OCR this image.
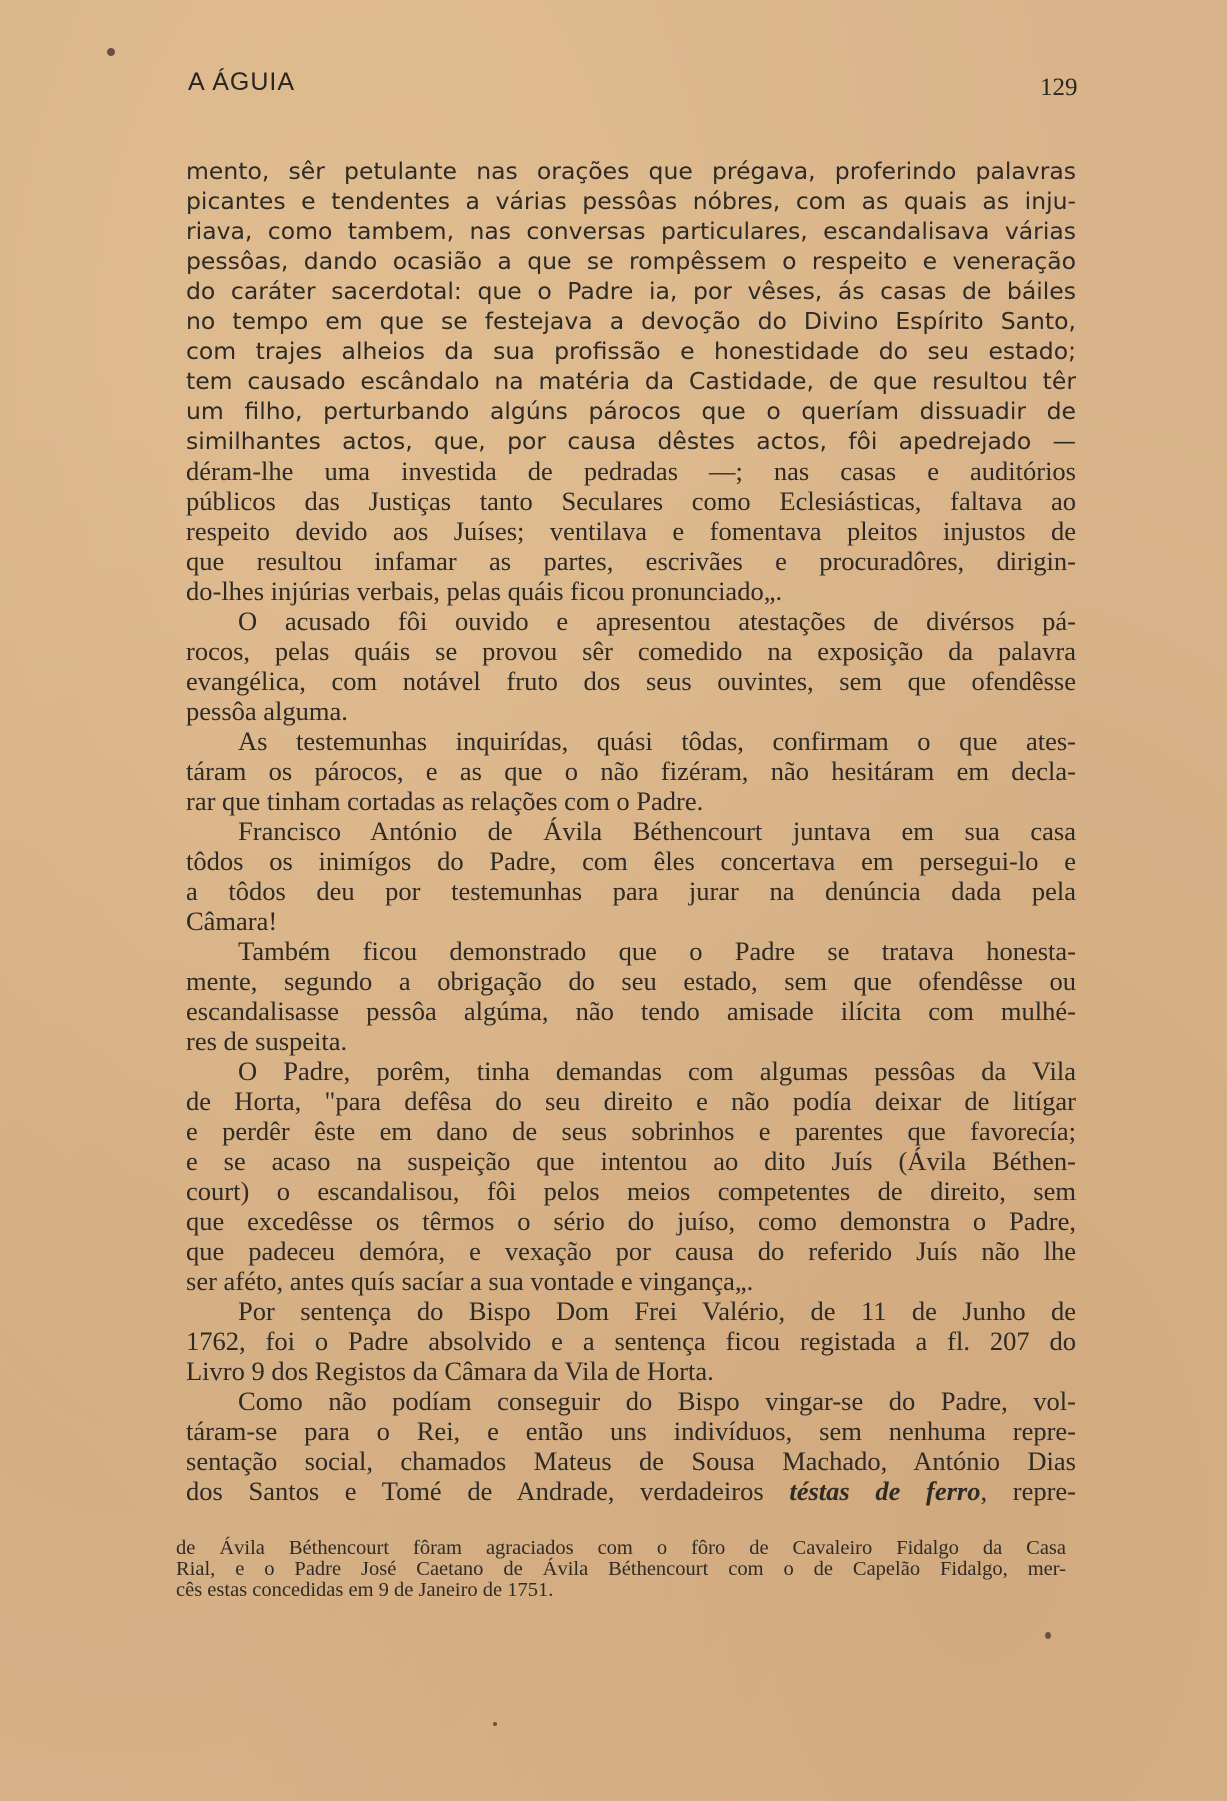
A ÁGUIA	129
mento, sêr petulante nas orações que prégava, proferindo palavras
picantes e tendentes a várias pessôas nóbres, com as quais as inju-
riava, como tambem, nas conversas particulares, escandalisava várias
pessôas, dando ocasião a que se rompêssem o respeito e veneração
do caráter sacerdotal: que o Padre ia, por vêses, ás casas de báiles
no tempo em que se festejava a devoção do Divino Espírito Santo,
com trajes alheios da sua profissão e honestidade do seu estado;
tem causado escândalo na matéria da Castidade, de que resultou têr
um filho, perturbando algúns párocos que o queríam dissuadir de
similhantes actos, que, por causa dêstes actos, fôi apedrejado —
déram-lhe uma investida de pedradas —; nas casas e auditórios
públicos das Justiças tanto Seculares como Eclesiásticas, faltava ao
respeito devido aos Juíses; ventilava e fomentava pleitos injustos de
que resultou infamar as partes, escrivães e procuradôres, dirigin-
do-lhes injúrias verbais, pelas quáis ficou pronunciado„.
O acusado fôi ouvido e apresentou atestações de divérsos pá-
rocos, pelas quáis se provou sêr comedido na exposição da palavra
evangélica, com notável fruto dos seus ouvintes, sem que ofendêsse
pessôa alguma.
As testemunhas inquirídas, quási tôdas, confirmam o que ates-
táram os párocos, e as que o não fizéram, não hesitáram em decla-
rar que tinham cortadas as relações com o Padre.
Francisco António de Ávila Béthencourt juntava em sua casa
tôdos os inimígos do Padre, com êles concertava em persegui-lo e
a tôdos deu por testemunhas para jurar na denúncia dada pela
Câmara!
Também ficou demonstrado que o Padre se tratava honesta-
mente, segundo a obrigação do seu estado, sem que ofendêsse ou
escandalisasse pessôa algúma, não tendo amisade ilícita com mulhé-
res de suspeita.
O Padre, porêm, tinha demandas com algumas pessôas da Vila
de Horta, "para defêsa do seu direito e não podía deixar de litígar
e perdêr êste em dano de seus sobrinhos e parentes que favorecía;
e se acaso na suspeição que intentou ao dito Juís (Ávila Béthen-
court) o escandalisou, fôi pelos meios competentes de direito, sem
que excedêsse os têrmos o sério do juíso, como demonstra o Padre,
que padeceu demóra, e vexação por causa do referido Juís não lhe
ser aféto, antes quís sacíar a sua vontade e vingança„.
Por sentença do Bispo Dom Frei Valério, de 11 de Junho de
1762, foi o Padre absolvido e a sentença ficou registada a fl. 207 do
Livro 9 dos Registos da Câmara da Vila de Horta.
Como não podíam conseguir do Bispo vingar-se do Padre, vol-
táram-se para o Rei, e então uns indivíduos, sem nenhuma repre-
sentação social, chamados Mateus de Sousa Machado, António Dias
dos Santos e Tomé de Andrade, verdadeiros téstas de ferro, repre-
de Ávila Béthencourt fôram agraciados com o fôro de Cavaleiro Fidalgo da Casa
Rial, e o Padre José Caetano de Ávila Béthencourt com o de Capelão Fidalgo, mer-
cês estas concedidas em 9 de Janeiro de 1751.
